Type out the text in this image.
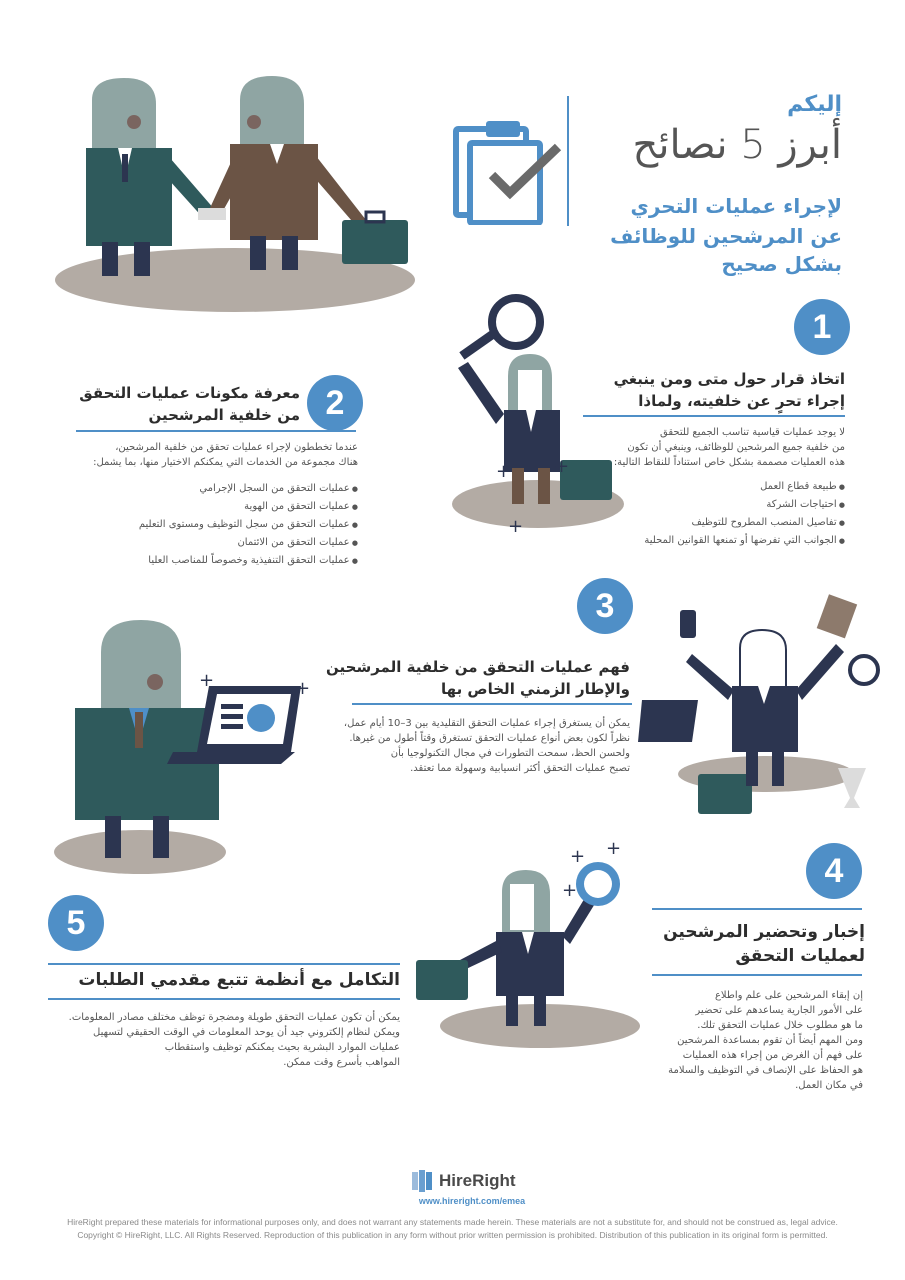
إليكم
أبرز 5 نصائح
لإجراء عمليات التحري
عن المرشحين للوظائف
بشكل صحيح
1
اتخاذ قرار حول متى ومن ينبغي
إجراء تحرٍ عن خلفيته، ولماذا
لا يوجد عمليات قياسية تناسب الجميع للتحقق
من خلفية جميع المرشحين للوظائف، وينبغي أن تكون
هذه العمليات مصممة بشكل خاص استناداً للنقاط التالية:
● طبيعة قطاع العمل
● احتياجات الشركة
● تفاصيل المنصب المطروح للتوظيف
● الجوانب التي تفرضها أو تمنعها القوانين المحلية
+ +
+
2
معرفة مكونات عمليات التحقق
من خلفية المرشحين
عندما تخططون لإجراء عمليات تحقق من خلفية المرشحين،
هناك مجموعة من الخدمات التي يمكنكم الاختيار منها، بما يشمل:
● عمليات التحقق من السجل الإجرامي
● عمليات التحقق من الهوية
● عمليات التحقق من سجل التوظيف ومستوى التعليم
● عمليات التحقق من الائتمان
● عمليات التحقق التنفيذية وخصوصاً للمناصب العليا
3
فهم عمليات التحقق من خلفية المرشحين
والإطار الزمني الخاص بها
يمكن أن يستغرق إجراء عمليات التحقق التقليدية بين 3–10 أيام عمل،
نظراً لكون بعض أنواع عمليات التحقق تستغرق وقتاً أطول من غيرها.
ولحسن الحظ، سمحت التطورات في مجال التكنولوجيا بأن
تصبح عمليات التحقق أكثر انسيابية وسهولة مما تعتقد.
+	+
4
إخبار وتحضير المرشحين
لعمليات التحقق
إن إبقاء المرشحين على علم واطلاع
على الأمور الجارية يساعدهم على تحضير
ما هو مطلوب خلال عمليات التحقق تلك.
ومن المهم أيضاً أن تقوم بمساعدة المرشحين
على فهم أن الغرض من إجراء هذه العمليات
هو الحفاظ على الإنصاف في التوظيف والسلامة
في مكان العمل.
+ +
+
5
التكامل مع أنظمة تتبع مقدمي الطلبات
يمكن أن تكون عمليات التحقق طويلة ومضجرة توظف مختلف مصادر المعلومات.
ويمكن لنظام إلكتروني جيد أن يوحد المعلومات في الوقت الحقيقي لتسهيل
عمليات الموارد البشرية بحيث يمكنكم توظيف واستقطاب
المواهب بأسرع وقت ممكن.
HireRight
www.hireright.com/emea
HireRight prepared these materials for informational purposes only, and does not warrant any statements made herein. These materials are not a substitute for, and should not be construed as, legal advice.
Copyright © HireRight, LLC. All Rights Reserved. Reproduction of this publication in any form without prior written permission is prohibited. Distribution of this publication in its original form is permitted.
